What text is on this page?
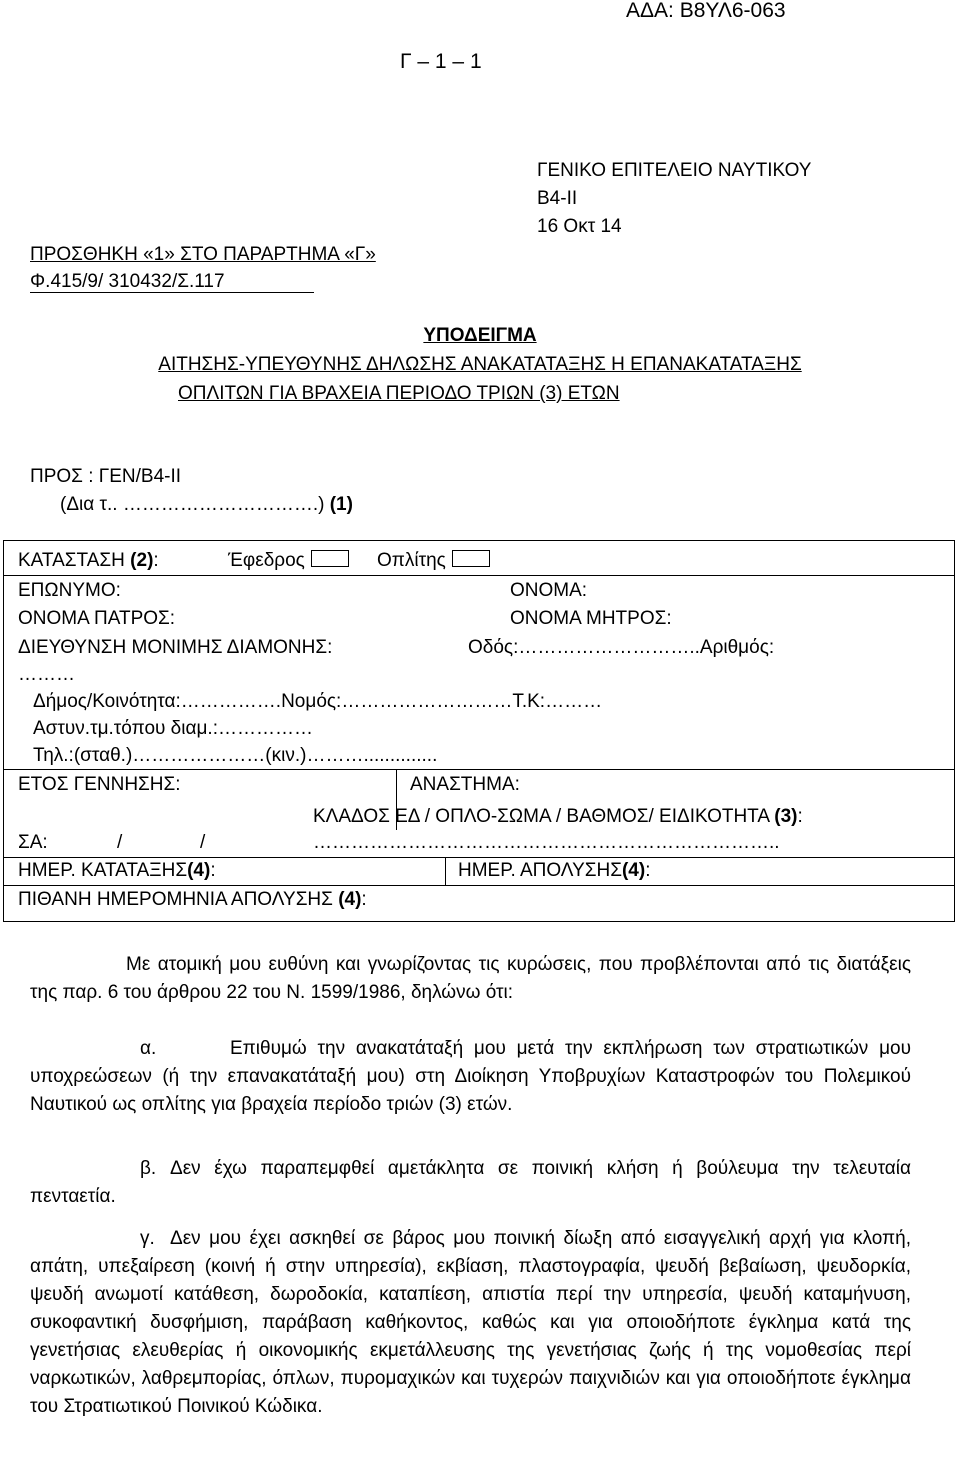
ΑΔΑ: Β8ΥΛ6-063
Γ – 1 – 1
ΓΕΝΙΚΟ ΕΠΙΤΕΛΕΙΟ ΝΑΥΤΙΚΟΥ
Β4-ΙΙ
16 Οκτ 14
ΠΡΟΣΘΗΚΗ «1» ΣΤΟ ΠΑΡΑΡΤΗΜΑ «Γ»
Φ.415/9/ 310432/Σ.117
ΥΠΟΔΕΙΓΜΑ
ΑΙΤΗΣΗΣ-ΥΠΕΥΘΥΝΗΣ ΔΗΛΩΣΗΣ ΑΝΑΚΑΤΑΤΑΞΗΣ Η ΕΠΑΝΑΚΑΤΑΤΑΞΗΣ
ΟΠΛΙΤΩΝ ΓΙΑ ΒΡΑΧΕΙΑ ΠΕΡΙΟΔΟ ΤΡΙΩΝ (3) ΕΤΩΝ
ΠΡΟΣ : ΓΕΝ/Β4-ΙΙ
(Δια τ.. ………………………….) (1)
ΚΑΤΑΣΤΑΣΗ (2):	Έφεδρος	Οπλίτης
ΕΠΩΝΥΜΟ:	ΟΝΟΜΑ:
ΟΝΟΜΑ ΠΑΤΡΟΣ:	ΟΝΟΜΑ ΜΗΤΡΟΣ:
ΔΙΕΥΘΥΝΣΗ ΜΟΝΙΜΗΣ ΔΙΑΜΟΝΗΣ:	Οδός:………………………..Αριθμός:
………
Δήμος/Κοινότητα:…………….Νομός:………………………Τ.Κ:………
Αστυν.τμ.τόπου διαμ.:……………
Τηλ.:(σταθ.)…………………(κιν.)………..............
ΕΤΟΣ ΓΕΝΝΗΣΗΣ:	ΑΝΑΣΤΗΜΑ:
ΚΛΑΔΟΣ ΕΔ / ΟΠΛΟ-ΣΩΜΑ / ΒΑΘΜΟΣ/ ΕΙΔΙΚΟΤΗΤΑ (3):
ΣΑ:	/	/	………………………………………………………………..
ΗΜΕΡ. ΚΑΤΑΤΑΞΗΣ(4):	ΗΜΕΡ. ΑΠΟΛΥΣΗΣ(4):
ΠΙΘΑΝΗ ΗΜΕΡΟΜΗΝΙΑ ΑΠΟΛΥΣΗΣ (4):
Με ατομική μου ευθύνη και γνωρίζοντας τις κυρώσεις, που προβλέπονται από τις διατάξεις της παρ. 6 του άρθρου 22 του Ν. 1599/1986, δηλώνω ότι:
α.	Επιθυμώ την ανακατάταξή μου μετά την εκπλήρωση των στρατιωτικών μου υποχρεώσεων (ή την επανακατάταξή μου) στη Διοίκηση Υποβρυχίων Καταστροφών του Πολεμικού Ναυτικού ως οπλίτης για βραχεία περίοδο τριών (3) ετών.
β. Δεν έχω παραπεμφθεί αμετάκλητα σε ποινική κλήση ή βούλευμα την τελευταία πενταετία.
γ. Δεν μου έχει ασκηθεί σε βάρος μου ποινική δίωξη από εισαγγελική αρχή για κλοπή, απάτη, υπεξαίρεση (κοινή ή στην υπηρεσία), εκβίαση, πλαστογραφία, ψευδή βεβαίωση, ψευδορκία, ψευδή ανωμοτί κατάθεση, δωροδοκία, καταπίεση, απιστία περί την υπηρεσία, ψευδή καταμήνυση, συκοφαντική δυσφήμιση, παράβαση καθήκοντος, καθώς και για οποιοδήποτε έγκλημα κατά της γενετήσιας ελευθερίας ή οικονομικής εκμετάλλευσης της γενετήσιας ζωής ή της νομοθεσίας περί ναρκωτικών, λαθρεμπορίας, όπλων, πυρομαχικών και τυχερών παιχνιδιών και για οποιοδήποτε έγκλημα του Στρατιωτικού Ποινικού Κώδικα.
